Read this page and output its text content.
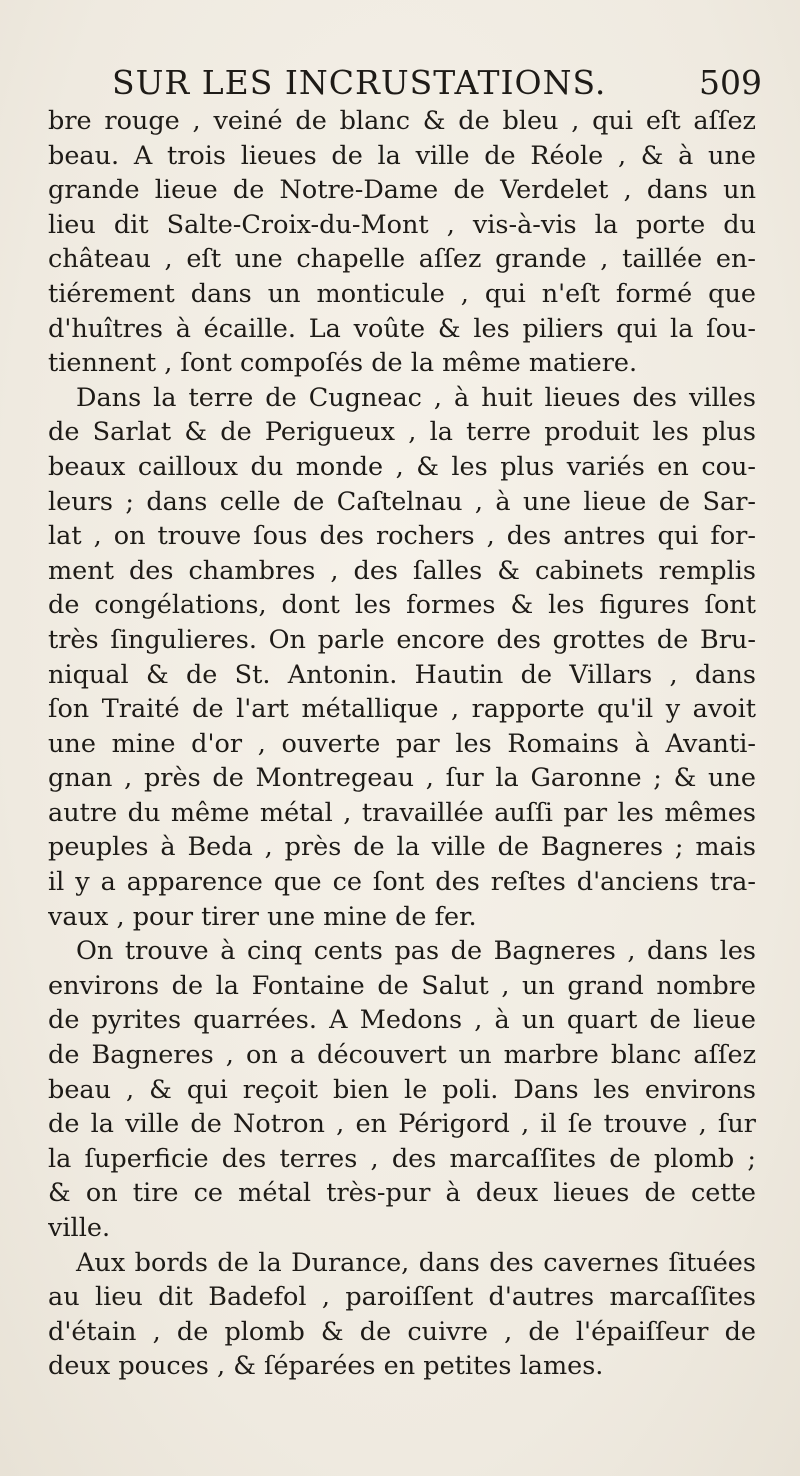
SUR LES INCRUSTATIONS.	509
bre rouge , veiné de blanc & de bleu , qui eſt aſſez
beau. A trois lieues de la ville de Réole , & à une
grande lieue de Notre-Dame de Verdelet , dans un
lieu dit Salte-Croix-du-Mont , vis-à-vis la porte du
château , eſt une chapelle aſſez grande , taillée en-
tiérement dans un monticule , qui n'eſt formé que
d'huîtres à écaille. La voûte & les piliers qui la ſou-
tiennent , ſont compoſés de la même matiere.
Dans la terre de Cugneac , à huit lieues des villes
de Sarlat & de Perigueux , la terre produit les plus
beaux cailloux du monde , & les plus variés en cou-
leurs ; dans celle de Caſtelnau , à une lieue de Sar-
lat , on trouve ſous des rochers , des antres qui for-
ment des chambres , des ſalles & cabinets remplis
de congélations, dont les formes & les figures ſont
très ſingulieres. On parle encore des grottes de Bru-
niqual & de St. Antonin. Hautin de Villars , dans
ſon Traité de l'art métallique , rapporte qu'il y avoit
une mine d'or , ouverte par les Romains à Avanti-
gnan , près de Montregeau , ſur la Garonne ; & une
autre du même métal , travaillée auſſi par les mêmes
peuples à Beda , près de la ville de Bagneres ; mais
il y a apparence que ce ſont des reſtes d'anciens tra-
vaux , pour tirer une mine de fer.
On trouve à cinq cents pas de Bagneres , dans les
environs de la Fontaine de Salut , un grand nombre
de pyrites quarrées. A Medons , à un quart de lieue
de Bagneres , on a découvert un marbre blanc aſſez
beau , & qui reçoit bien le poli. Dans les environs
de la ville de Notron , en Périgord , il ſe trouve , ſur
la ſuperficie des terres , des marcaſſites de plomb ;
& on tire ce métal très-pur à deux lieues de cette
ville.
Aux bords de la Durance, dans des cavernes ſituées
au lieu dit Badefol , paroiſſent d'autres marcaſſites
d'étain , de plomb & de cuivre , de l'épaiſſeur de
deux pouces , & ſéparées en petites lames.
